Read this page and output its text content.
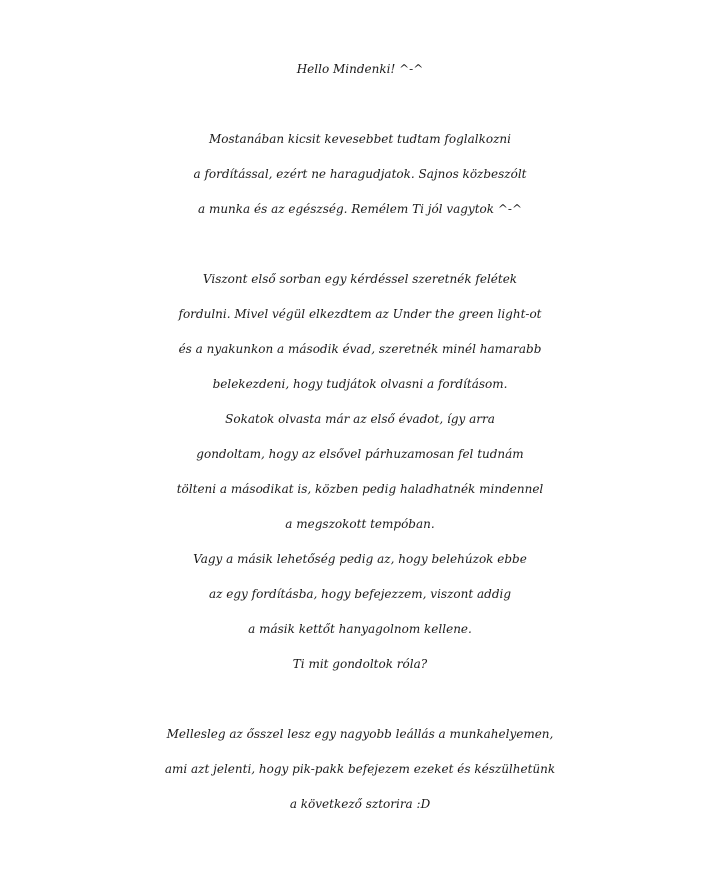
Hello Mindenki! ^-^
Mostanában kicsit kevesebbet tudtam foglalkozni
a fordítással, ezért ne haragudjatok. Sajnos közbeszólt
a munka és az egészség. Remélem Ti jól vagytok ^-^
Viszont első sorban egy kérdéssel szeretnék felétek
fordulni. Mivel végül elkezdtem az Under the green light-ot
és a nyakunkon a második évad, szeretnék minél hamarabb
belekezdeni, hogy tudjátok olvasni a fordításom.
Sokatok olvasta már az első évadot, így arra
gondoltam, hogy az elsővel párhuzamosan fel tudnám
tölteni a másodikat is, közben pedig haladhatnék mindennel
a megszokott tempóban.
Vagy a másik lehetőség pedig az, hogy belehúzok ebbe
az egy fordításba, hogy befejezzem, viszont addig
a másik kettőt hanyagolnom kellene.
Ti mit gondoltok róla?
Mellesleg az ősszel lesz egy nagyobb leállás a munkahelyemen,
ami azt jelenti, hogy pik-pakk befejezem ezeket és készülhetünk
a következő sztorira :D
